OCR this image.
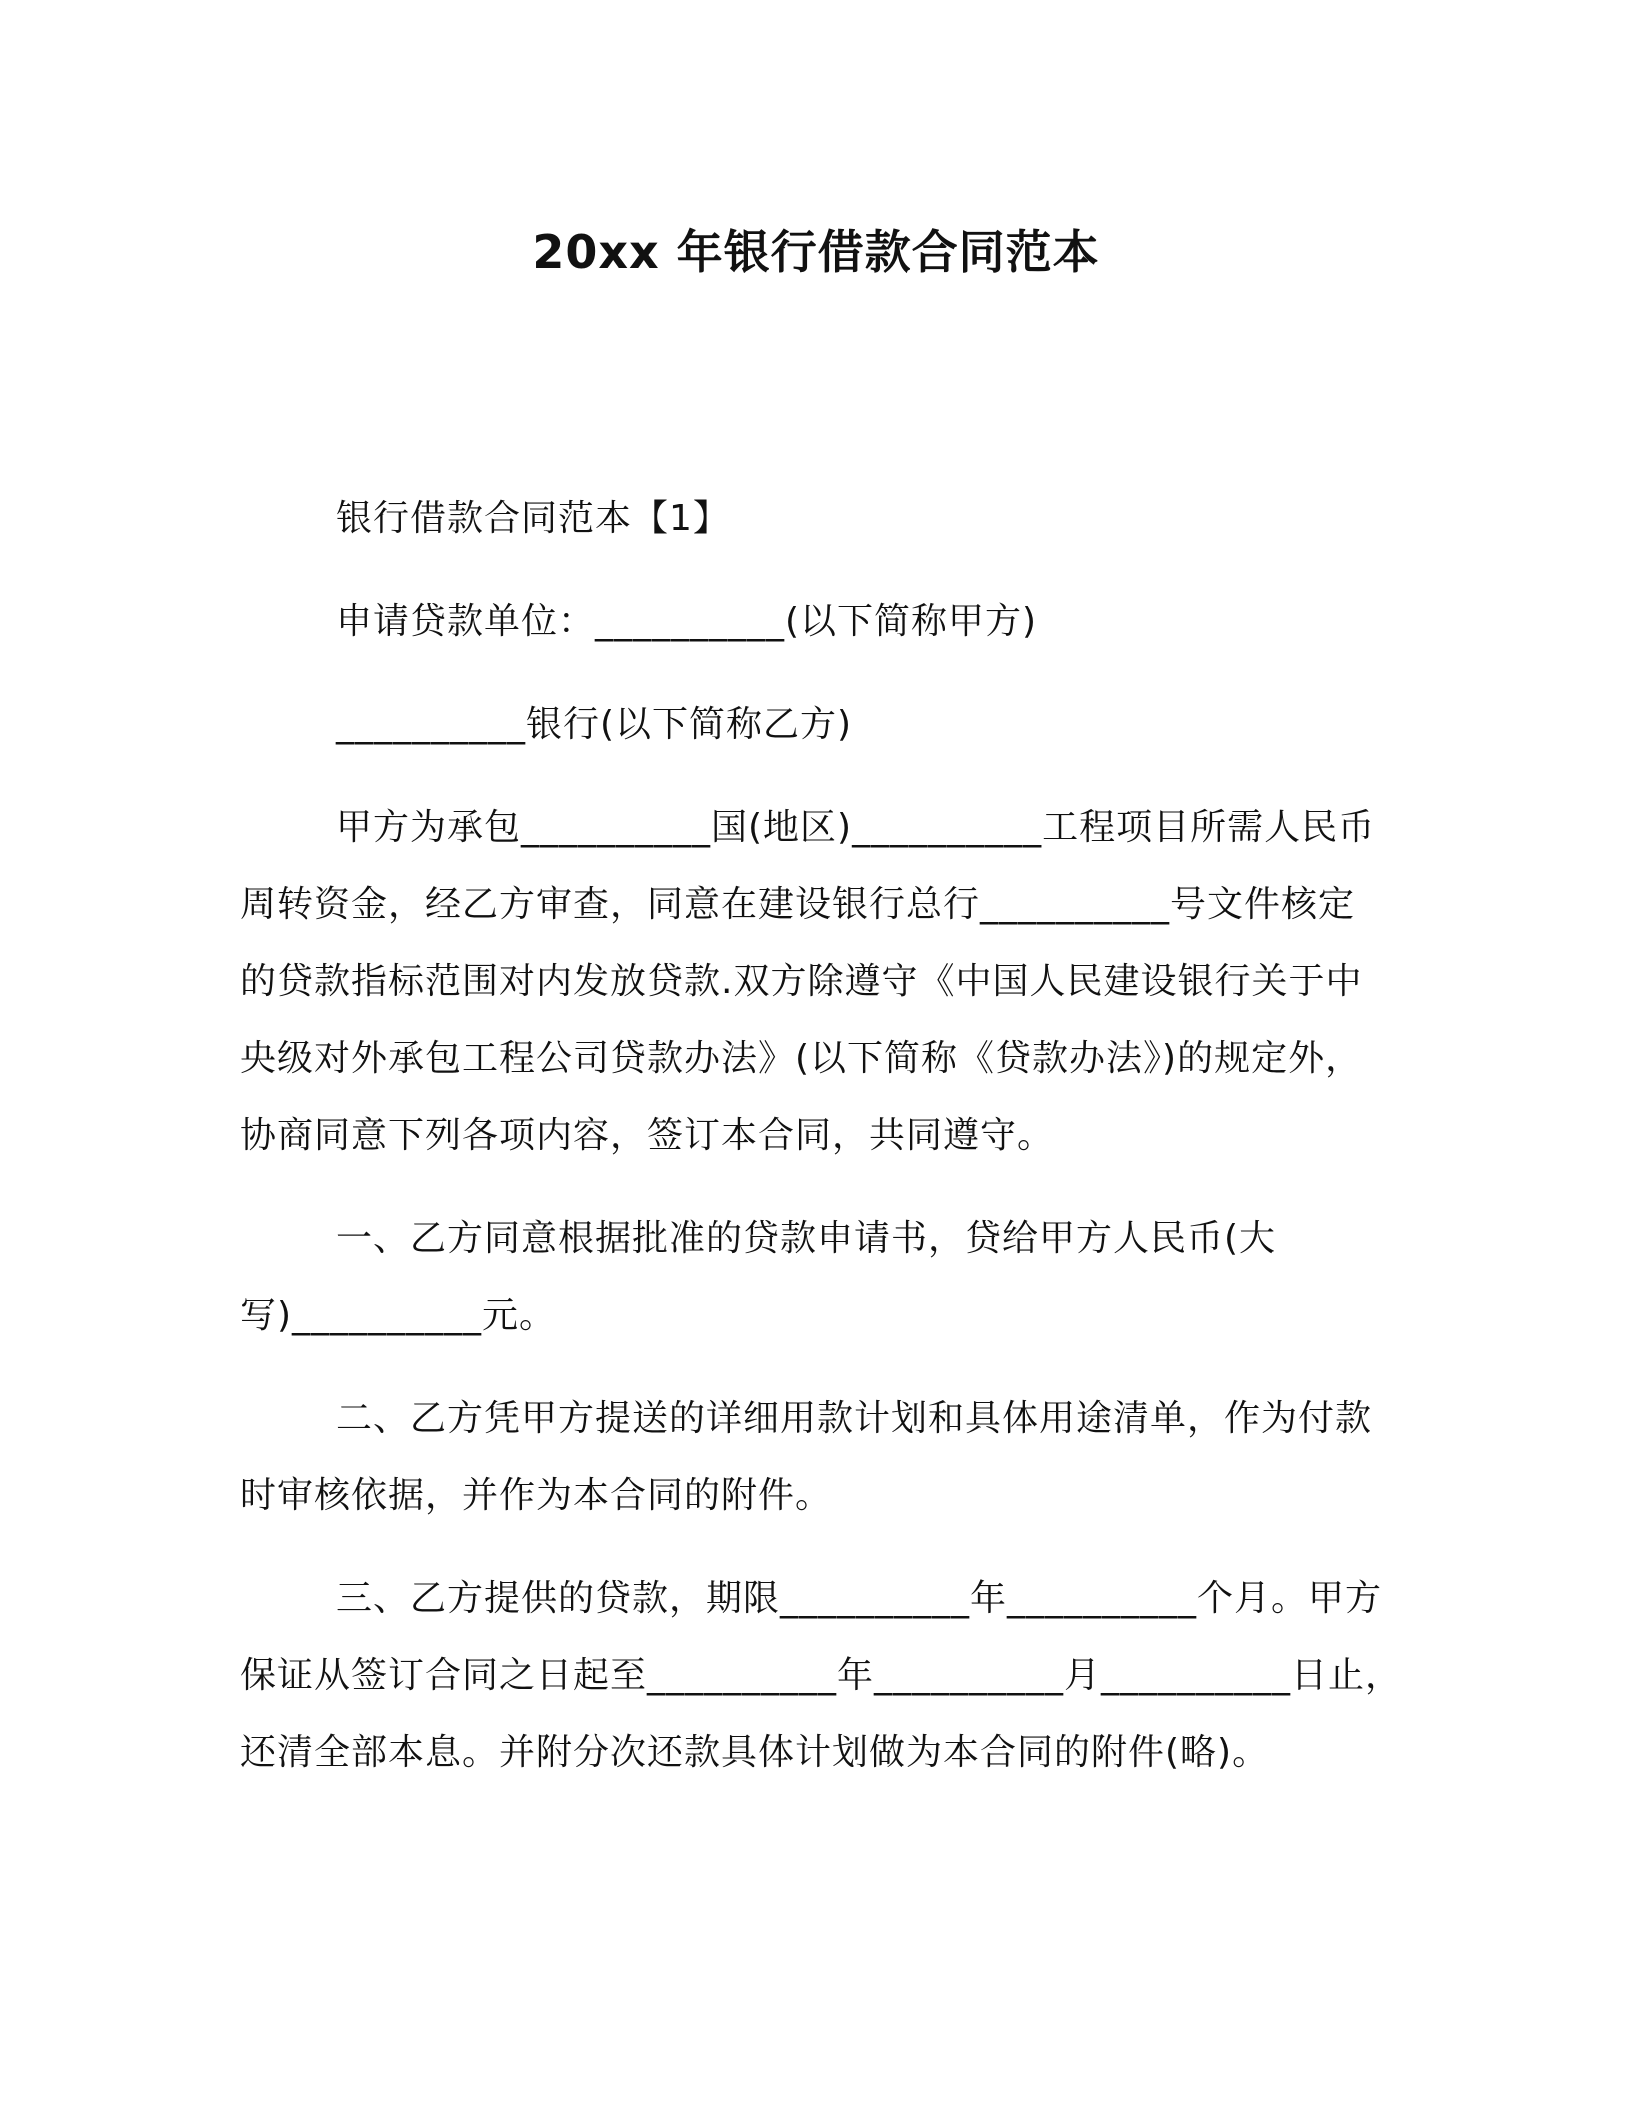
20xx 年银行借款合同范本
银行借款合同范本【1】
申请贷款单位：__________(以下简称甲方)
__________银行(以下简称乙方)
甲方为承包__________国(地区)__________工程项目所需人民币
周转资金，经乙方审查，同意在建设银行总行__________号文件核定
的贷款指标范围对内发放贷款.双方除遵守《中国人民建设银行关于中
央级对外承包工程公司贷款办法》(以下简称《贷款办法》)的规定外，
协商同意下列各项内容，签订本合同，共同遵守。
一、乙方同意根据批准的贷款申请书，贷给甲方人民币(大
写)__________元。
二、乙方凭甲方提送的详细用款计划和具体用途清单，作为付款
时审核依据，并作为本合同的附件。
三、乙方提供的贷款，期限__________年__________个月。甲方
保证从签订合同之日起至__________年__________月__________日止，
还清全部本息。并附分次还款具体计划做为本合同的附件(略)。
